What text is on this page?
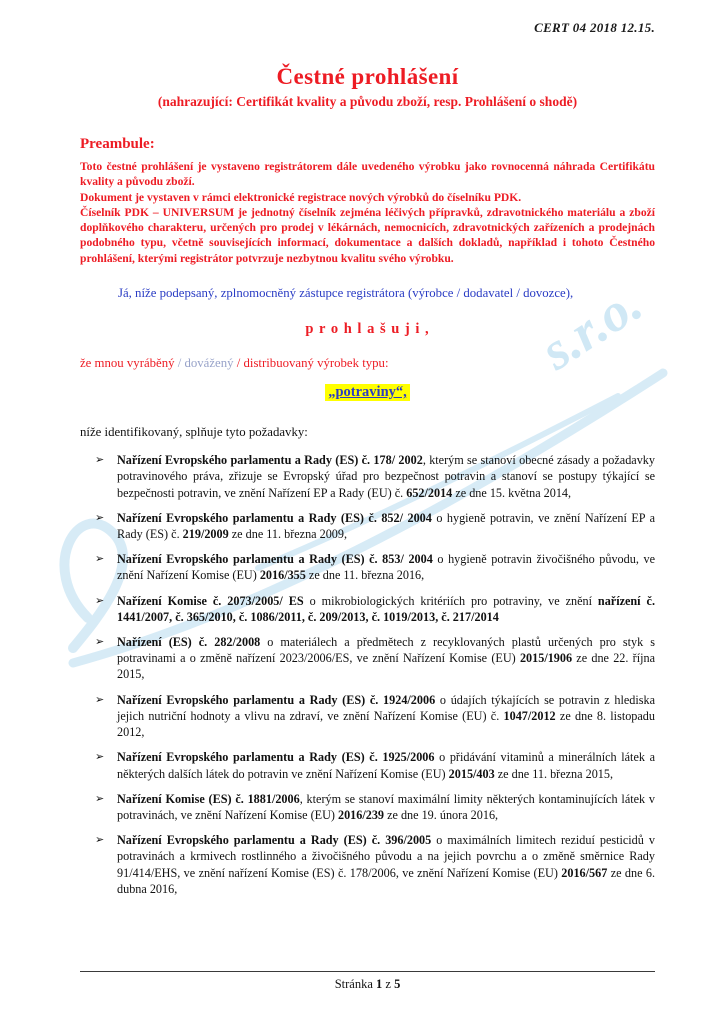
s.r.o.
CERT 04 2018 12.15.
Čestné prohlášení
(nahrazující: Certifikát kvality a původu zboží, resp. Prohlášení o shodě)
Preambule:
Toto čestné prohlášení je vystaveno registrátorem dále uvedeného výrobku jako rovnocenná náhrada Certifikátu kvality a původu zboží.
Dokument je vystaven v rámci elektronické registrace nových výrobků do číselníku PDK.
Číselník PDK – UNIVERSUM je jednotný číselník zejména léčivých přípravků, zdravotnického materiálu a zboží doplňkového charakteru, určených pro prodej v lékárnách, nemocnicích, zdravotnických zařízeních a prodejnách podobného typu, včetně souvisejících informací, dokumentace a dalších dokladů, například i tohoto Čestného prohlášení, kterými registrátor potvrzuje nezbytnou kvalitu svého výrobku.
Já, níže podepsaný, zplnomocněný zástupce registrátora (výrobce / dodavatel / dovozce),
p r o h l a š u j i ,
že mnou vyráběný / dovážený / distribuovaný výrobek typu:
„potraviny“,
níže identifikovaný, splňuje tyto požadavky:
➢ Nařízení Evropského parlamentu a Rady (ES) č. 178/ 2002, kterým se stanoví obecné zásady a požadavky potravinového práva, zřizuje se Evropský úřad pro bezpečnost potravin a stanoví se postupy týkající se bezpečnosti potravin, ve znění Nařízení EP a Rady (EU) č. 652/2014 ze dne 15. května 2014,
➢ Nařízení Evropského parlamentu a Rady (ES) č. 852/ 2004 o hygieně potravin, ve znění Nařízení EP a Rady (ES) č. 219/2009 ze dne 11. března 2009,
➢ Nařízení Evropského parlamentu a Rady (ES) č. 853/ 2004 o hygieně potravin živočišného původu, ve znění Nařízení Komise (EU) 2016/355 ze dne 11. března 2016,
➢ Nařízení Komise č. 2073/2005/ ES o mikrobiologických kritériích pro potraviny, ve znění nařízení č. 1441/2007, č. 365/2010, č. 1086/2011, č. 209/2013, č. 1019/2013, č. 217/2014
➢ Nařízení (ES) č. 282/2008 o materiálech a předmětech z recyklovaných plastů určených pro styk s potravinami a o změně nařízení 2023/2006/ES, ve znění Nařízení Komise (EU) 2015/1906 ze dne 22. října 2015,
➢ Nařízení Evropského parlamentu a Rady (ES) č. 1924/2006 o údajích týkajících se potravin z hlediska jejich nutriční hodnoty a vlivu na zdraví, ve znění Nařízení Komise (EU) č. 1047/2012 ze dne 8. listopadu 2012,
➢ Nařízení Evropského parlamentu a Rady (ES) č. 1925/2006 o přidávání vitaminů a minerálních látek a některých dalších látek do potravin ve znění Nařízení Komise (EU) 2015/403 ze dne 11. března 2015,
➢ Nařízení Komise (ES) č. 1881/2006, kterým se stanoví maximální limity některých kontaminujících látek v potravinách, ve znění Nařízení Komise (EU) 2016/239 ze dne 19. února 2016,
➢ Nařízení Evropského parlamentu a Rady (ES) č. 396/2005 o maximálních limitech reziduí pesticidů v potravinách a krmivech rostlinného a živočišného původu a na jejich povrchu a o změně směrnice Rady 91/414/EHS, ve znění nařízení Komise (ES) č. 178/2006, ve znění Nařízení Komise (EU) 2016/567 ze dne 6. dubna 2016,
Stránka 1 z 5
